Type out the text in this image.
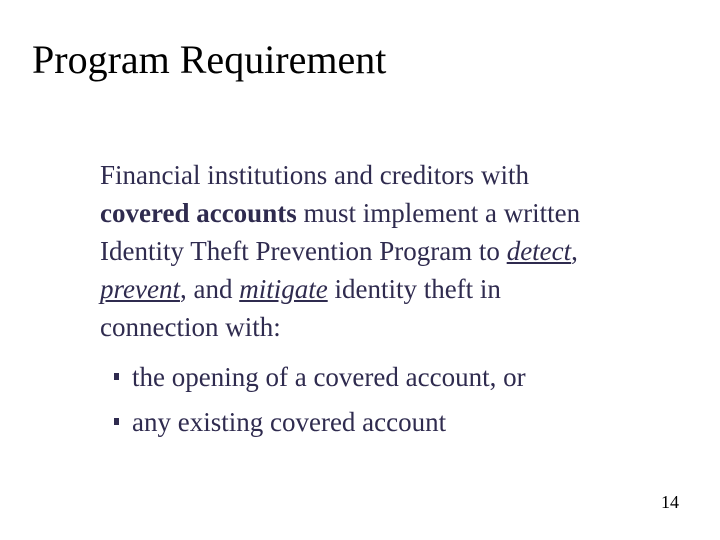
Program Requirement
Financial institutions and creditors with
covered accounts must implement a written
Identity Theft Prevention Program to detect,
prevent, and mitigate identity theft in
connection with:
the opening of a covered account, or
any existing covered account
14
